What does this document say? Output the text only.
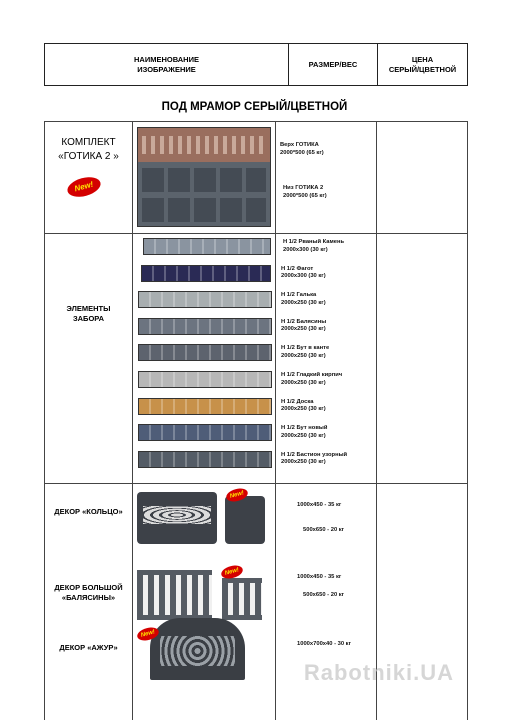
НАИМЕНОВАНИЕ
ИЗОБРАЖЕНИЕ
РАЗМЕР/ВЕС
ЦЕНА
СЕРЫЙ/ЦВЕТНОЙ
ПОД МРАМОР СЕРЫЙ/ЦВЕТНОЙ
КОМПЛЕКТ
«ГОТИКА 2 »
New!
Верх ГОТИКА
2000*500 (65 кг)
Низ ГОТИКА 2
2000*500 (65 кг)
ЭЛЕМЕНТЫ
ЗАБОРА
Н 1/2 Рваный Камень
2000x300 (30 кг)
Н 1/2 Фагот
2000x300 (30 кг)
Н 1/2 Галька
2000x250 (30 кг)
Н 1/2 Балясины
2000x250 (30 кг)
Н 1/2 Бут в канте
2000x250 (30 кг)
Н 1/2 Гладкий кирпич
2000x250 (30 кг)
Н 1/2 Доска
2000x250 (30 кг)
Н 1/2 Бут новый
2000x250 (30 кг)
Н 1/2 Бастион узорный
2000x250 (30 кг)
ДЕКОР «КОЛЬЦО»
New!
1000x450 - 35 кг
500x650 - 20 кг
ДЕКОР БОЛЬШОЙ
«БАЛЯСИНЫ»
New!
1000x450 - 35 кг
500x650 - 20 кг
ДЕКОР «АЖУР»
New!
1000x700x40 - 30 кг
Rabotniki.UA
